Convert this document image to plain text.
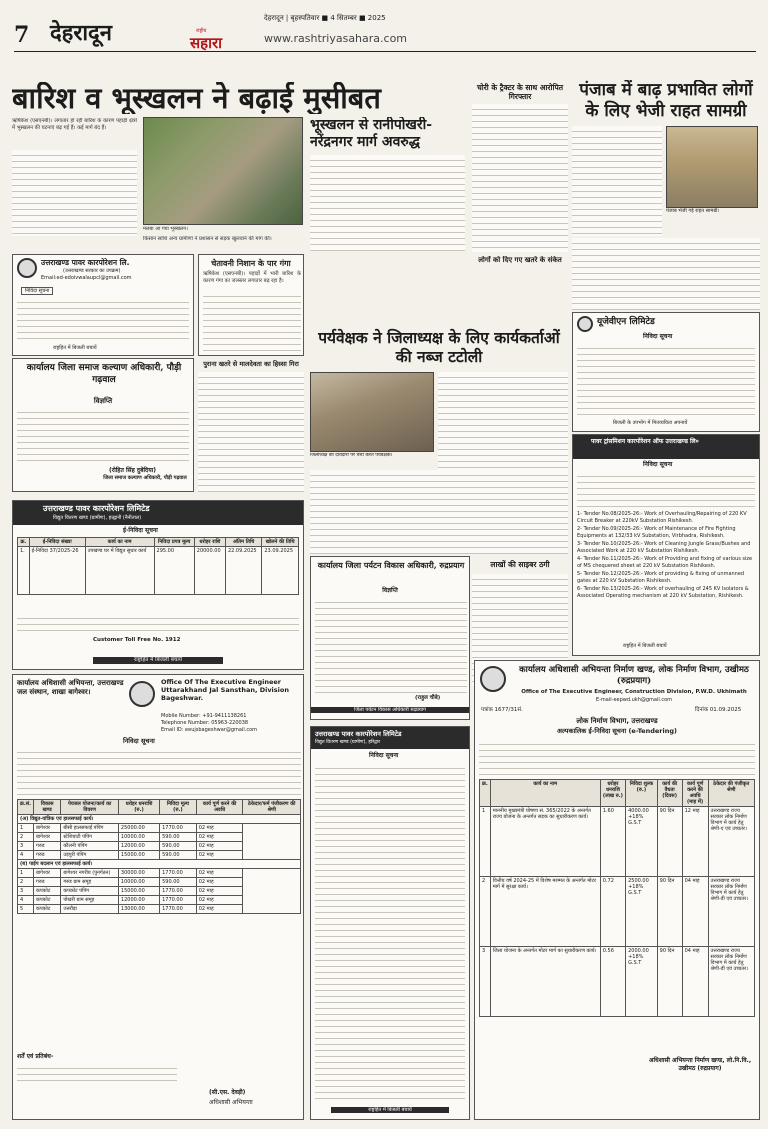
7 देहरादून
देहरादून | बृहस्पतिवार ■ 4 सितम्बर ■ 2025
राष्ट्रीय
सहारा	www.rashtriyasahara.com
बारिश व भूस्खलन ने बढ़ाई मुसीबत
ऋषिकेश (एसएनबी)। लगातार हो रही बारिश के कारण पहाड़ी क्षेत्रों में भूस्खलन की घटनाएं बढ़ गई हैं। कई मार्ग बंद हैं।
मलबा आ गया भूस्खलन।
भूस्खलन से रानीपोखरी-नरेंद्रनगर मार्ग अवरुद्ध
किसान साथि अन्य ग्रामीणों ने प्रशासन से सड़क खुलवाने की मांग की।
चोरी के ट्रैक्टर के साथ आरोपित गिरफ्तार
लोगों को दिए गए खतरे के संकेत
पंजाब में बाढ़ प्रभावित लोगों के लिए भेजी राहत सामग्री
पंजाब भेजी गई राहत सामग्री।
उत्तराखण्ड पावर कारपोरेशन लि.
(उत्तराखण्ड सरकार का उपक्रम)
Email:ed-edoivwalaupcl@gmail.com
निविदा सूचना
राष्ट्रहित में बिजली बचायें
चेतावनी निशान के पार गंगा
ऋषिकेश (एसएनबी)। पहाड़ों में भारी बारिश के कारण गंगा का जलस्तर लगातार बढ़ रहा है।
कार्यालय जिला समाज कल्याण अधिकारी, पौड़ी गढ़वाल
विज्ञप्ति
(रोहित सिंह दुबेदिया)
जिला समाज कल्याण अधिकारी, पौड़ी गढ़वाल
पुराना खतरे से मालदेवता का हिस्सा गिरा
पर्यवेक्षक ने जिलाध्यक्ष के लिए कार्यकर्ताओं की नब्ज टटोली
जिलाध्यक्ष की दावेदारी पर चर्चा करते पर्यवेक्षक।
यूजेवीएन लिमिटेड
निविदा सूचना
बिजली के उपभोग में मितव्ययिता अपनायें
पावर ट्रांसमिशन कारपोरेशन ऑफ उत्तराखण्ड लि०
निविदा सूचना
1- Tender No.08/2025-26:- Work of Overhauling/Repairing of 220 KV Circuit Breaker at 220kV Substation Rishikesh.
2- Tender No.09/2025-26:- Work of Maintenance of Fire Fighting Equipments at 132/33 kV Substation, Virbhadra, Rishikesh.
3- Tender No.10/2025-26:- Work of Cleaning Jungle Grass/Bushes and Associated Work at 220 kV Substation Rishikesh.
4- Tender No.11/2025-26:- Work of Providing and fixing of various size of MS chequered sheet at 220 kV Substation Rishikesh.
5- Tender No.12/2025-26:- Work of providing & fixing of unmanned gates at 220 kV Substation Rishikesh.
6- Tender No.13/2025-26:- Work of overhauling of 245 KV Isolators & Associated Operating mechanism at 220 kV Substation, Rishikesh.
राष्ट्रहित में बिजली बचायें
लाखों की साइबर ठगी
उत्तराखण्ड पावर कारपोरेशन लिमिटेड
विद्युत वितरण खण्ड (ग्रामीण), हल्द्वानी (नैनीताल)
ई-निविदा सूचना
क्र.	ई-निविदा संख्या	कार्य का नाम	निविदा प्रपत्र मूल्य	धरोहर राशि	अंतिम तिथि	खोलने की तिथि
1.	ई-निविदा 37/2025-26	उपखण्ड घर में विद्युत सुधार कार्य	295.00	20000.00	22.09.2025	23.09.2025
Customer Toll Free No. 1912
राष्ट्रहित में बिजली बचायें
कार्यालय जिला पर्यटन विकास अधिकारी, रुद्रप्रयाग
विज्ञप्ति
(राहुल चौबे)
जिला पर्यटन विकास अधिकारी रुद्रप्रयाग
कार्यालय अधिशासी अभियन्ता, उत्तराखण्ड जल संस्थान, शाखा बागेश्वर।
Office Of The Executive Engineer Uttarakhand Jal Sansthan, Division Bageshwar.
Mobile Number: +91-9411138261
Telephone Number: 05963-220038
Email ID: eeujsbageshwar@gmail.com
निविदा सूचना
क्र.सं.	विकास खण्ड	पेयजल योजना/कार्य का विवरण	धरोहर धनराशि (रु.)	निविदा मूल्य (रु.)	कार्य पूर्ण करने की अवधि	ठेकेदार/फर्म पंजीकरण की श्रेणी
(अ) विद्युत-यांत्रिक एवं हालसफाई कार्य।						
1	बागेश्वर	बीसी हालसफाई पंपिंग	25000.00	1770.00	02 माह	
2	बागेश्वर	स्टेशियाटी पंपिंग	10000.00	590.00	02 माह	
3	गरुड	कौलनी पंपिंग	12000.00	590.00	02 माह	
4	गरुड	उड़पुरी पंपिंग	15000.00	590.00	02 माह	
(ब) पाईप बदलान एवं हालसफाई कार्य।						
1	बागेश्वर	बागेश्वर नगरीय (पुनर्गठन)	30000.00	1770.00	02 माह	
2	गरुड	गरुड ग्राम समूह	10000.00	590.00	02 माह	
3	कपकोट	कपकोट पंपिंग	15000.00	1770.00	02 माह	
4	कपकोट	पोखरी ग्राम समूह	12000.00	1770.00	02 माह	
5	कपकोट	उत्तरौड़ा	13000.00	1770.00	02 माह	
शर्तें एवं प्रतिबंध-
(सी.एस. देवड़ी)
अधिशासी अभियन्ता
उत्तराखण्ड पावर कारपोरेशन लिमिटेड
विद्युत वितरण खण्ड (ग्रामीण), हरिद्वार
निविदा सूचना
राष्ट्रहित में बिजली बचायें
कार्यालय अधिशासी अभियन्ता निर्माण खण्ड, लोक निर्माण विभाग, उखीमठ (रुद्रप्रयाग)
Office of The Executive Engineer, Construction Division, P.W.D. Ukhimath
E-mail-eepwd.ukh@gmail.com
पत्रांक 1677/31सं.	दिनांक 01.09.2025
लोक निर्माण विभाग, उत्तराखण्ड
अल्पकालिक ई-निविदा सूचना (e-Tendering)
क्र.	कार्य का नाम	धरोहर धनराशि (लाख रु.)	निविदा शुल्क (रु.)	कार्य की वैधता (दिवस)	कार्य पूर्ण करने की अवधि (माह में)	ठेकेदार की पंजीकृत श्रेणी
1	माननीय मुख्यमंत्री घोषणा सं. 365/2022 के अन्तर्गत राज्य योजना के अन्तर्गत सड़क का सुधारीकरण कार्य।	1.60	4000.00 +18% G.S.T	90 दिन	12 माह	उत्तराखण्ड राज्य सरकार लोक निर्माण विभाग में कार्य हेतु श्रेणी-ए एवं उच्चतर।
2	वित्तीय वर्ष 2024-25 में विशेष मरम्मत के अन्तर्गत मोटर मार्ग में सुरक्षा कार्य।	0.72	2500.00 +18% G.S.T	90 दिन	04 माह	उत्तराखण्ड राज्य सरकार लोक निर्माण विभाग में कार्य हेतु श्रेणी-डी एवं उच्चतर।
3	जिला योजना के अन्तर्गत मोटर मार्ग का सुधारीकरण कार्य।	0.56	2000.00 +18% G.S.T	90 दिन	04 माह	उत्तराखण्ड राज्य सरकार लोक निर्माण विभाग में कार्य हेतु श्रेणी-डी एवं उच्चतर।
अधिशासी अभियन्ता निर्माण खण्ड, लो.नि.वि., उखीमठ (रुद्रप्रयाग)
